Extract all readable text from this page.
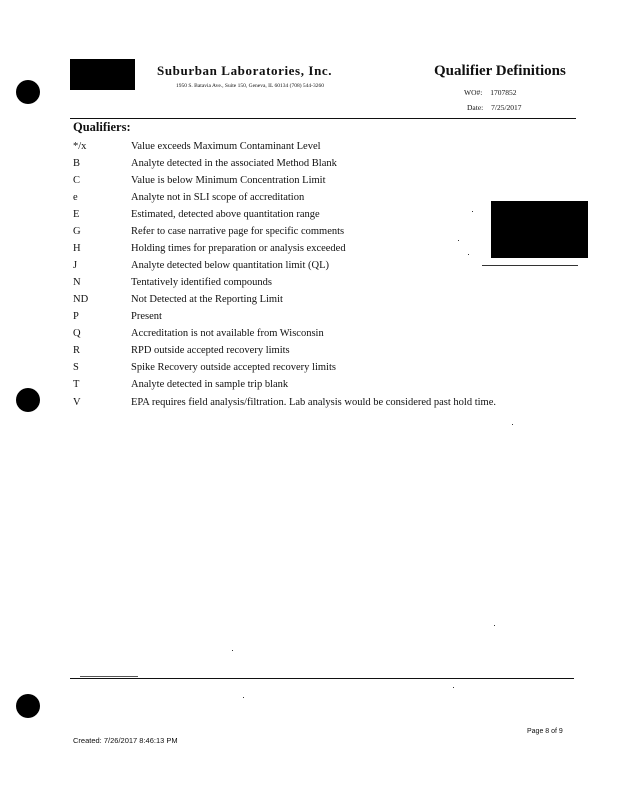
Suburban Laboratories, Inc.
1950 S. Batavia Ave., Suite 150, Geneva, IL 60134 (708) 544-3260
Qualifier Definitions
WO#: 1707852
Date: 7/25/2017
Qualifiers:
*/x	Value exceeds Maximum Contaminant Level
B	Analyte detected in the associated Method Blank
C	Value is below Minimum Concentration Limit
e	Analyte not in SLI scope of accreditation
E	Estimated, detected above quantitation range
G	Refer to case narrative page for specific comments
H	Holding times for preparation or analysis exceeded
J	Analyte detected below quantitation limit (QL)
N	Tentatively identified compounds
ND	Not Detected at the Reporting Limit
P	Present
Q	Accreditation is not available from Wisconsin
R	RPD outside accepted recovery limits
S	Spike Recovery outside accepted recovery limits
T	Analyte detected in sample trip blank
V	EPA requires field analysis/filtration. Lab analysis would be considered past hold time.
Page 8 of 9
Created: 7/26/2017 8:46:13 PM
